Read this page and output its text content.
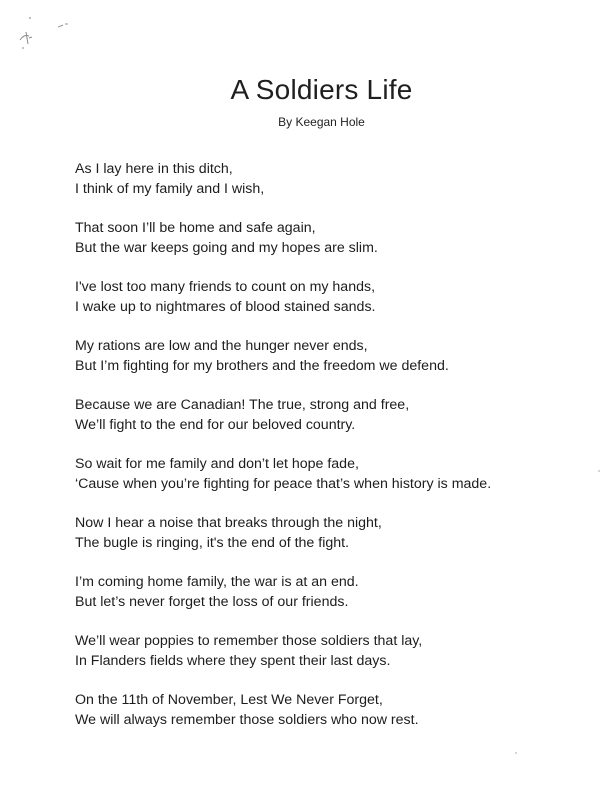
A Soldiers Life
By Keegan Hole
As I lay here in this ditch,
I think of my family and I wish,
That soon I’ll be home and safe again,
But the war keeps going and my hopes are slim.
I've lost too many friends to count on my hands,
I wake up to nightmares of blood stained sands.
My rations are low and the hunger never ends,
But I’m fighting for my brothers and the freedom we defend.
Because we are Canadian! The true, strong and free,
We’ll fight to the end for our beloved country.
So wait for me family and don’t let hope fade,
‘Cause when you’re fighting for peace that’s when history is made.
Now I hear a noise that breaks through the night,
The bugle is ringing, it's the end of the fight.
I’m coming home family, the war is at an end.
But let’s never forget the loss of our friends.
We’ll wear poppies to remember those soldiers that lay,
In Flanders fields where they spent their last days.
On the 11th of November, Lest We Never Forget,
We will always remember those soldiers who now rest.
